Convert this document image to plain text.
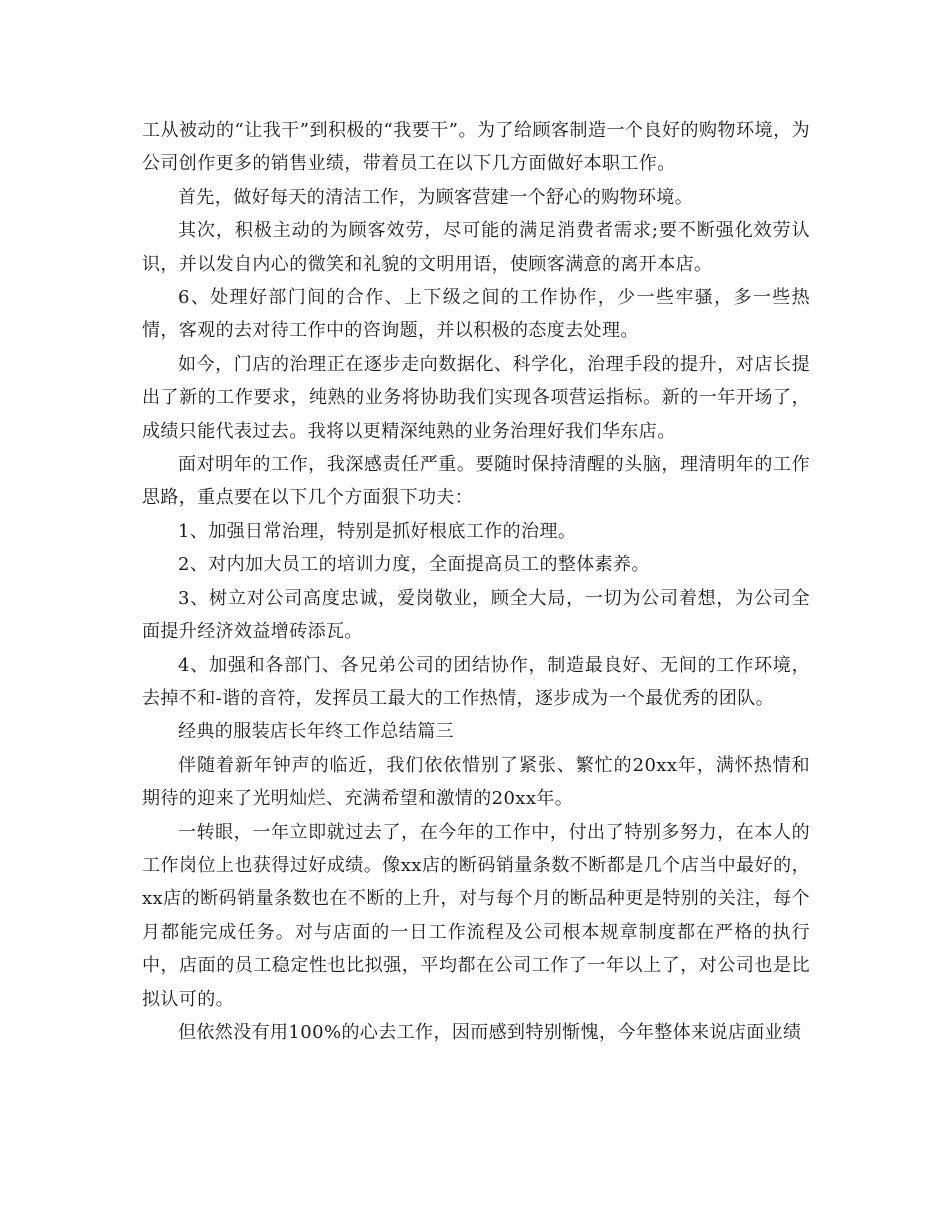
工从被动的“让我干”到积极的“我要干”。为了给顾客制造一个良好的购物环境，为公司创作更多的销售业绩，带着员工在以下几方面做好本职工作。

首先，做好每天的清洁工作，为顾客营建一个舒心的购物环境。

其次，积极主动的为顾客效劳，尽可能的满足消费者需求;要不断强化效劳认识，并以发自内心的微笑和礼貌的文明用语，使顾客满意的离开本店。

6、处理好部门间的合作、上下级之间的工作协作，少一些牢骚，多一些热情，客观的去对待工作中的咨询题，并以积极的态度去处理。

如今，门店的治理正在逐步走向数据化、科学化，治理手段的提升，对店长提出了新的工作要求，纯熟的业务将协助我们实现各项营运指标。新的一年开场了，成绩只能代表过去。我将以更精深纯熟的业务治理好我们华东店。

面对明年的工作，我深感责任严重。要随时保持清醒的头脑，理清明年的工作思路，重点要在以下几个方面狠下功夫：

1、加强日常治理，特别是抓好根底工作的治理。

2、对内加大员工的培训力度，全面提高员工的整体素养。

3、树立对公司高度忠诚，爱岗敬业，顾全大局，一切为公司着想，为公司全面提升经济效益增砖添瓦。

4、加强和各部门、各兄弟公司的团结协作，制造最良好、无间的工作环境，去掉不和-谐的音符，发挥员工最大的工作热情，逐步成为一个最优秀的团队。

经典的服装店长年终工作总结篇三

伴随着新年钟声的临近，我们依依惜别了紧张、繁忙的20xx年，满怀热情和期待的迎来了光明灿烂、充满希望和激情的20xx年。

一转眼，一年立即就过去了，在今年的工作中，付出了特别多努力，在本人的工作岗位上也获得过好成绩。像xx店的断码销量条数不断都是几个店当中最好的，xx店的断码销量条数也在不断的上升，对与每个月的断品种更是特别的关注，每个月都能完成任务。对与店面的一日工作流程及公司根本规章制度都在严格的执行中，店面的员工稳定性也比拟强，平均都在公司工作了一年以上了，对公司也是比拟认可的。

但依然没有用100%的心去工作，因而感到特别惭愧，今年整体来说店面业绩
